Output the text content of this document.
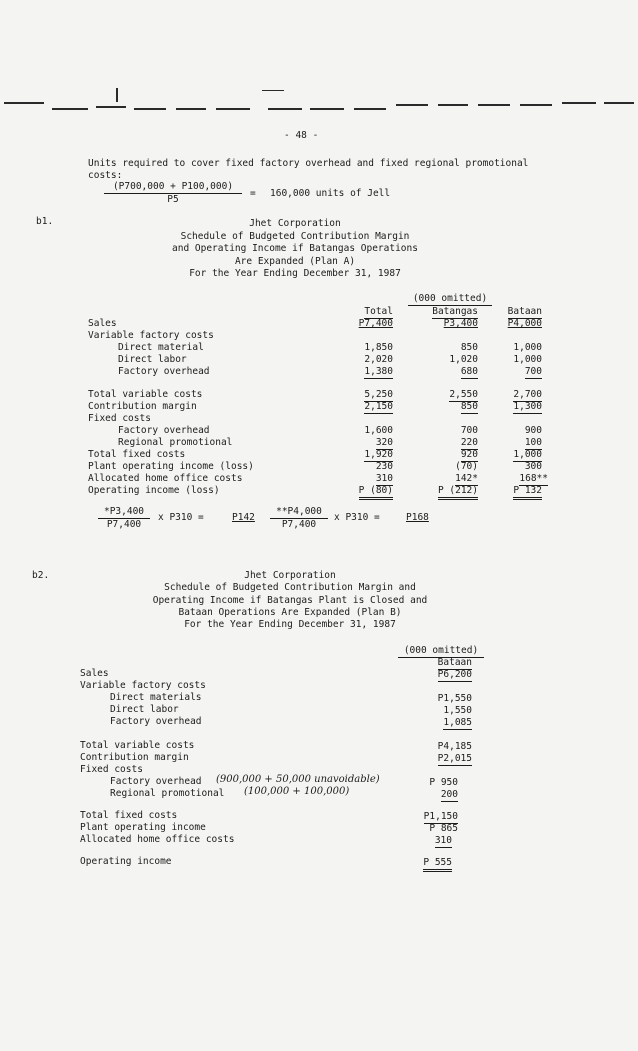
- 48 -
Units required to cover fixed factory overhead and fixed regional promotional
costs:
$\frac{(P700,000 + P100,000)}{P5} = 160,000$ units of Jell
b1.	Jhet Corporation
Schedule of Budgeted Contribution Margin
and Operating Income if Batangas Operations
Are Expanded (Plan A)
For the Year Ending December 31, 1987
(000 omitted)
Total	Batangas	Bataan
Sales	P7,400	P3,400	P4,000
Variable factory costs
Direct material	1,850	850	1,000
Direct labor	2,020	1,020	1,000
Factory overhead	1,380	680	700
Total variable costs	5,250	2,550	2,700
Contribution margin	2,150	850	1,300
Fixed costs
Factory overhead	1,600	700	900
Regional promotional	320	220	100
Total fixed costs	1,920	920	1,000
Plant operating income (loss)	230	(70)	300
Allocated home office costs	310	142*	168**
Operating income (loss)	P (80)	P (212)	P 132
$\frac{*P3,400}{P7,400}$ x P310 =	$P142 \frac{**P4,000}{P7,400}$ x P310 =	P168
b2.	Jhet Corporation
Schedule of Budgeted Contribution Margin and
Operating Income if Batangas Plant is Closed and
Bataan Operations Are Expanded (Plan B)
For the Year Ending December 31, 1987
(000 omitted)
Bataan
Sales	P6,200
Variable factory costs
Direct materials	P1,550
Direct labor	1,550
Factory overhead	1,085
Total variable costs	P4,185
Contribution margin	P2,015
Fixed costs
Factory overhead (900,000 + 50,000 unavoidable)	P 950
Regional promotional (100,000 + 100,000)	200
Total fixed costs	P1,150
Plant operating income	P 865
Allocated home office costs	310
Operating income	P 555
